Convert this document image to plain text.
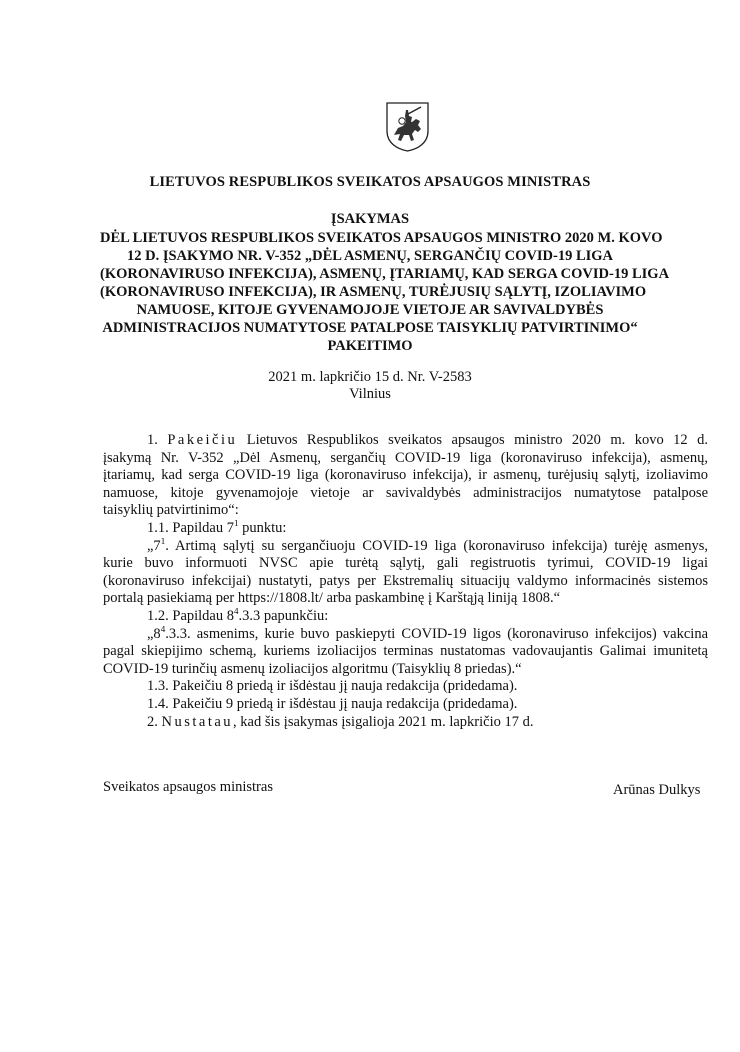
LIETUVOS RESPUBLIKOS SVEIKATOS APSAUGOS MINISTRAS
ĮSAKYMAS
DĖL LIETUVOS RESPUBLIKOS SVEIKATOS APSAUGOS MINISTRO 2020 M. KOVO
12 D. ĮSAKYMO NR. V-352 „DĖL ASMENŲ, SERGANČIŲ COVID-19 LIGA
(KORONAVIRUSO INFEKCIJA), ASMENŲ, ĮTARIAMŲ, KAD SERGA COVID-19 LIGA
(KORONAVIRUSO INFEKCIJA), IR ASMENŲ, TURĖJUSIŲ SĄLYTĮ, IZOLIAVIMO
NAMUOSE, KITOJE GYVENAMOJOJE VIETOJE AR SAVIVALDYBĖS
ADMINISTRACIJOS NUMATYTOSE PATALPOSE TAISYKLIŲ PATVIRTINIMO“
PAKEITIMO
2021 m. lapkričio 15 d. Nr. V-2583
Vilnius
1. Pakeičiu Lietuvos Respublikos sveikatos apsaugos ministro 2020 m. kovo 12 d.
įsakymą Nr. V-352 „Dėl Asmenų, sergančių COVID-19 liga (koronaviruso infekcija), asmenų,
įtariamų, kad serga COVID-19 liga (koronaviruso infekcija), ir asmenų, turėjusių sąlytį, izoliavimo
namuose, kitoje gyvenamojoje vietoje ar savivaldybės administracijos numatytose patalpose
taisyklių patvirtinimo“:
1.1. Papildau $7^1$ punktu:
$„7^1$. Artimą sąlytį su sergančiuoju COVID-19 liga (koronaviruso infekcija) turėję asmenys,
kurie buvo informuoti NVSC apie turėtą sąlytį, gali registruotis tyrimui, COVID-19 ligai
(koronaviruso infekcijai) nustatyti, patys per Ekstremalių situacijų valdymo informacinės sistemos
portalą pasiekiamą per https://1808.lt/ arba paskambinę į Karštąją liniją 1808.“
1.2. Papildau $8^4.3.3$ papunkčiu:
$„8^4.3.3$. asmenims, kurie buvo paskiepyti COVID-19 ligos (koronaviruso infekcijos) vakcina
pagal skiepijimo schemą, kuriems izoliacijos terminas nustatomas vadovaujantis Galimai imunitetą
COVID-19 turinčių asmenų izoliacijos algoritmu (Taisyklių 8 priedas).“
1.3. Pakeičiu 8 priedą ir išdėstau jį nauja redakcija (pridedama).
1.4. Pakeičiu 9 priedą ir išdėstau jį nauja redakcija (pridedama).
2. Nustatau, kad šis įsakymas įsigalioja 2021 m. lapkričio 17 d.
Sveikatos apsaugos ministras	Arūnas Dulkys
